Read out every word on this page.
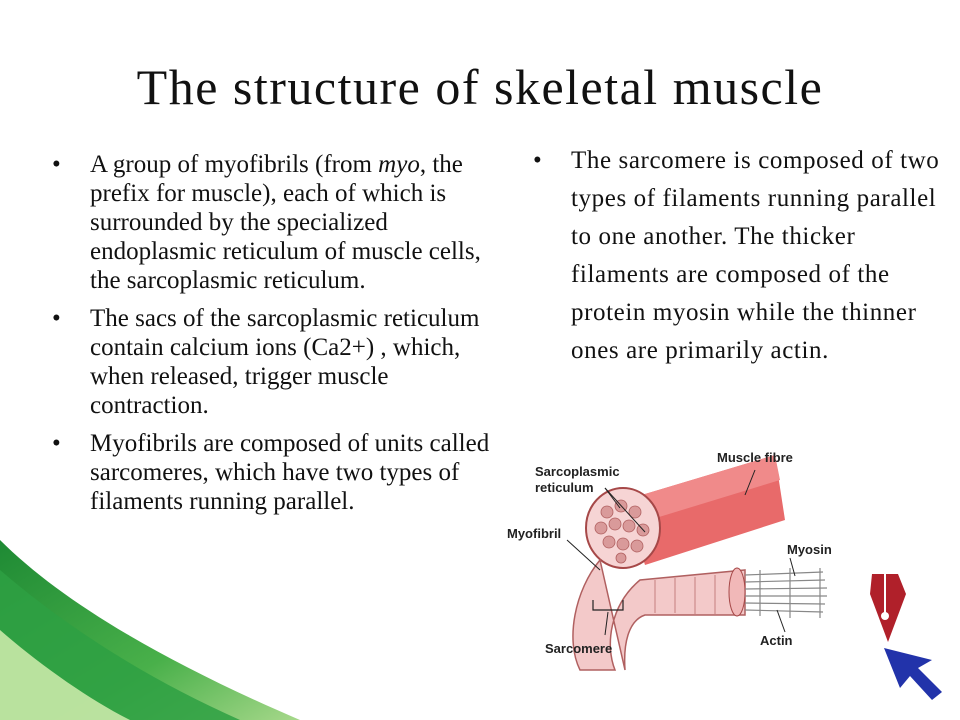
The structure of skeletal muscle
• A group of myofibrils (from myo, the prefix for muscle), each of which is surrounded by the specialized endoplasmic reticulum of muscle cells, the sarcoplasmic reticulum.
• The sacs of the sarcoplasmic reticulum contain calcium ions (Ca2+) , which, when released, trigger muscle contraction.
• Myofibrils are composed of units called sarcomeres, which have two types of filaments running parallel.
• The sarcomere is composed of two types of filaments running parallel to one another. The thicker filaments are composed of the protein myosin while the thinner ones are primarily actin.
Sarcoplasmic
reticulum
Muscle fibre
Myofibril
Myosin
Sarcomere
Actin
